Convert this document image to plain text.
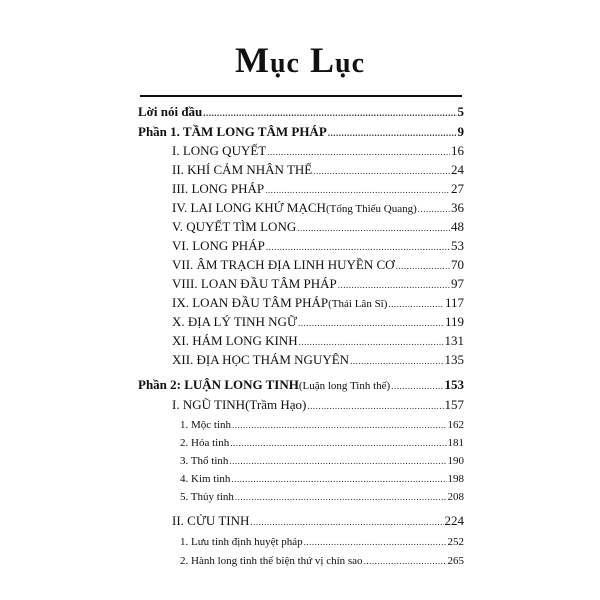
Mục Lục
Lời nói đầu .....	5
Phần 1. TẦM LONG TÂM PHÁP .....	9
I. LONG QUYẾT .....	16
II. KHÍ CẢM NHÂN THẾ .....	24
III. LONG PHÁP .....	27
IV. LAI LONG KHỨ MẠCH (Tống Thiếu Quang) .....	36
V. QUYẾT TÌM LONG .....	48
VI. LONG PHÁP .....	53
VII. ÂM TRẠCH ĐỊA LINH HUYỀN CƠ .....	70
VIII. LOAN ĐẦU TÂM PHÁP .....	97
IX. LOAN ĐẦU TÂM PHÁP (Thái Lân Sĩ) .....	117
X. ĐỊA LÝ TINH NGỮ .....	119
XI. HÁM LONG KINH .....	131
XII. ĐỊA HỌC THÁM NGUYÊN .....	135
Phần 2: LUẬN LONG TINH (Luận long Tinh thế) .....	153
I. NGŨ TINH (Trầm Hạo) .....	157
1. Mộc tinh .....	162
2. Hỏa tinh .....	181
3. Thổ tinh .....	190
4. Kim tinh .....	198
5. Thủy tinh .....	208
II. CỬU TINH .....	224
1. Lưu tinh định huyệt pháp .....	252
2. Hành long tinh thế biện thứ vị chín sao .....	265
